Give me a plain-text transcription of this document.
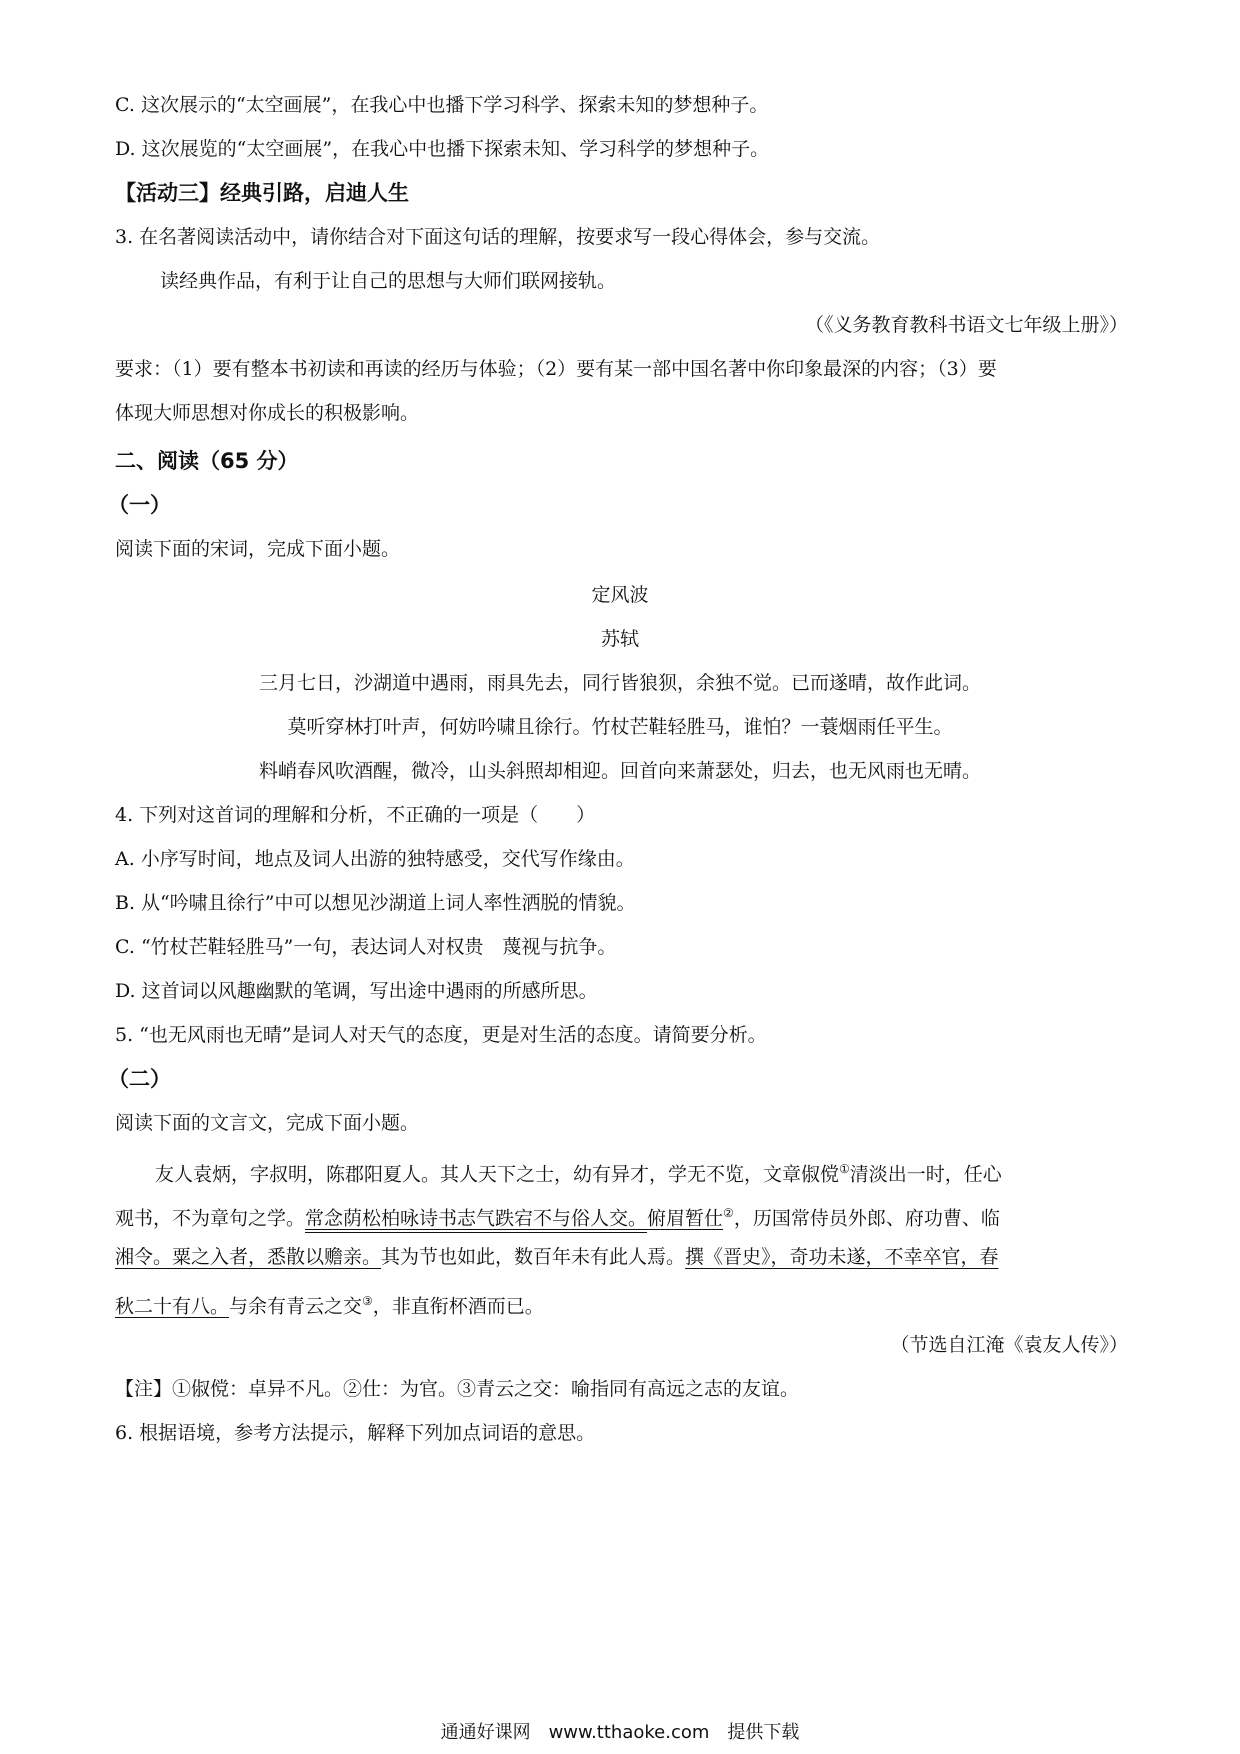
C. 这次展示的“太空画展”，在我心中也播下学习科学、探索未知的梦想种子。
D. 这次展览的“太空画展”，在我心中也播下探索未知、学习科学的梦想种子。
【活动三】经典引路，启迪人生
3. 在名著阅读活动中，请你结合对下面这句话的理解，按要求写一段心得体会，参与交流。
读经典作品，有利于让自己的思想与大师们联网接轨。
（《义务教育教科书语文七年级上册》）
要求：（1）要有整本书初读和再读的经历与体验；（2）要有某一部中国名著中你印象最深的内容；（3）要
体现大师思想对你成长的积极影响。
二、阅读（65 分）
（一）
阅读下面的宋词，完成下面小题。
定风波
苏轼
三月七日，沙湖道中遇雨，雨具先去，同行皆狼狈，余独不觉。已而遂晴，故作此词。
莫听穿林打叶声，何妨吟啸且徐行。竹杖芒鞋轻胜马，谁怕？一蓑烟雨任平生。
料峭春风吹酒醒，微冷，山头斜照却相迎。回首向来萧瑟处，归去，也无风雨也无晴。
4. 下列对这首词的理解和分析，不正确的一项是（　　）
A. 小序写时间，地点及词人出游的独特感受，交代写作缘由。
B. 从“吟啸且徐行”中可以想见沙湖道上词人率性洒脱的情貌。
C. “竹杖芒鞋轻胜马”一句，表达词人对权贵　蔑视与抗争。
D. 这首词以风趣幽默的笔调，写出途中遇雨的所感所思。
5. “也无风雨也无晴”是词人对天气的态度，更是对生活的态度。请简要分析。
（二）
阅读下面的文言文，完成下面小题。
友人袁炳，字叔明，陈郡阳夏人。其人天下之士，幼有异才，学无不览，文章俶傥①清淡出一时，任心
观书，不为章句之学。常念荫松柏咏诗书志气跌宕不与俗人交。俯眉暂仕②，历国常侍员外郎、府功曹、临
湘令。粟之入者，悉散以赡亲。其为节也如此，数百年未有此人焉。撰《晋史》，奇功未遂，不幸卒官，春
秋二十有八。与余有青云之交③，非直衔杯酒而已。
（节选自江淹《袁友人传》）
【注】①俶傥：卓异不凡。②仕：为官。③青云之交：喻指同有高远之志的友谊。
6. 根据语境，参考方法提示，解释下列加点词语的意思。
通通好课网　www.tthaoke.com　提供下载
